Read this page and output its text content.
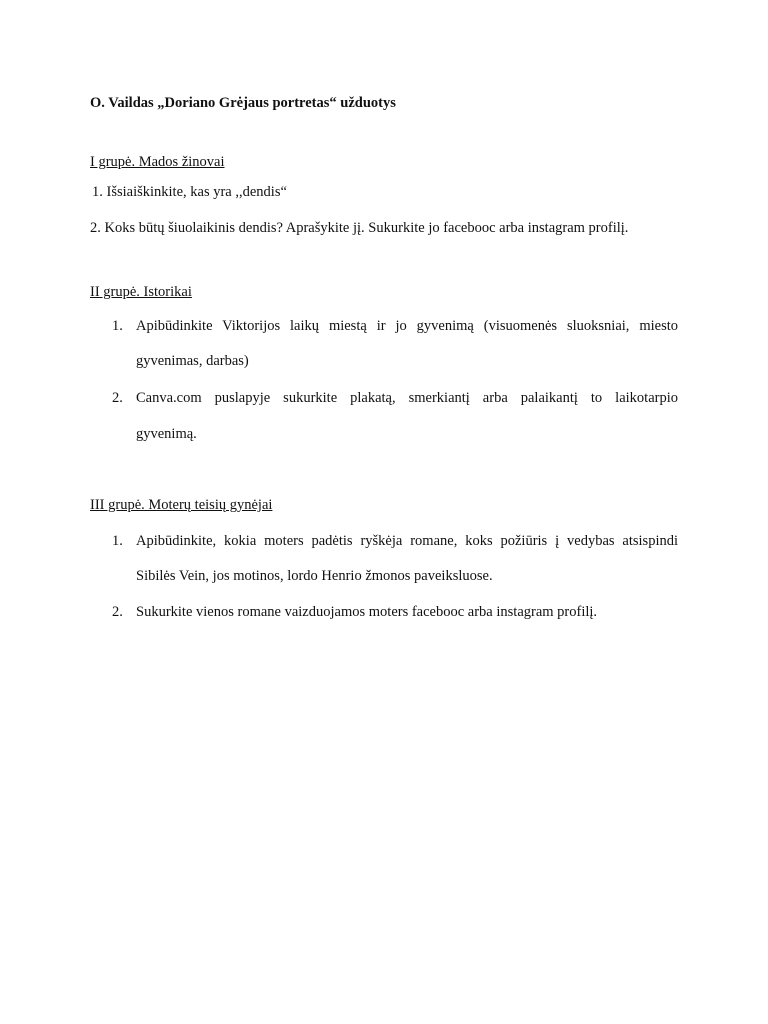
O. Vaildas „Doriano Grėjaus portretas“ užduotys

I grupė. Mados žinovai

1. Išsiaiškinkite, kas yra ,,dendis“

2. Koks būtų šiuolaikinis dendis? Aprašykite jį. Sukurkite jo facebooc arba instagram profilį.

II grupė. Istorikai

1. Apibūdinkite Viktorijos laikų miestą ir jo gyvenimą (visuomenės sluoksniai, miesto

gyvenimas, darbas)

2. Canva.com puslapyje sukurkite plakatą, smerkiantį arba palaikantį to laikotarpio

gyvenimą.

III grupė. Moterų teisių gynėjai

1. Apibūdinkite, kokia moters padėtis ryškėja romane, koks požiūris į vedybas atsispindi

Sibilės Vein, jos motinos, lordo Henrio žmonos paveiksluose.

2. Sukurkite vienos romane vaizduojamos moters facebooc arba instagram profilį.
